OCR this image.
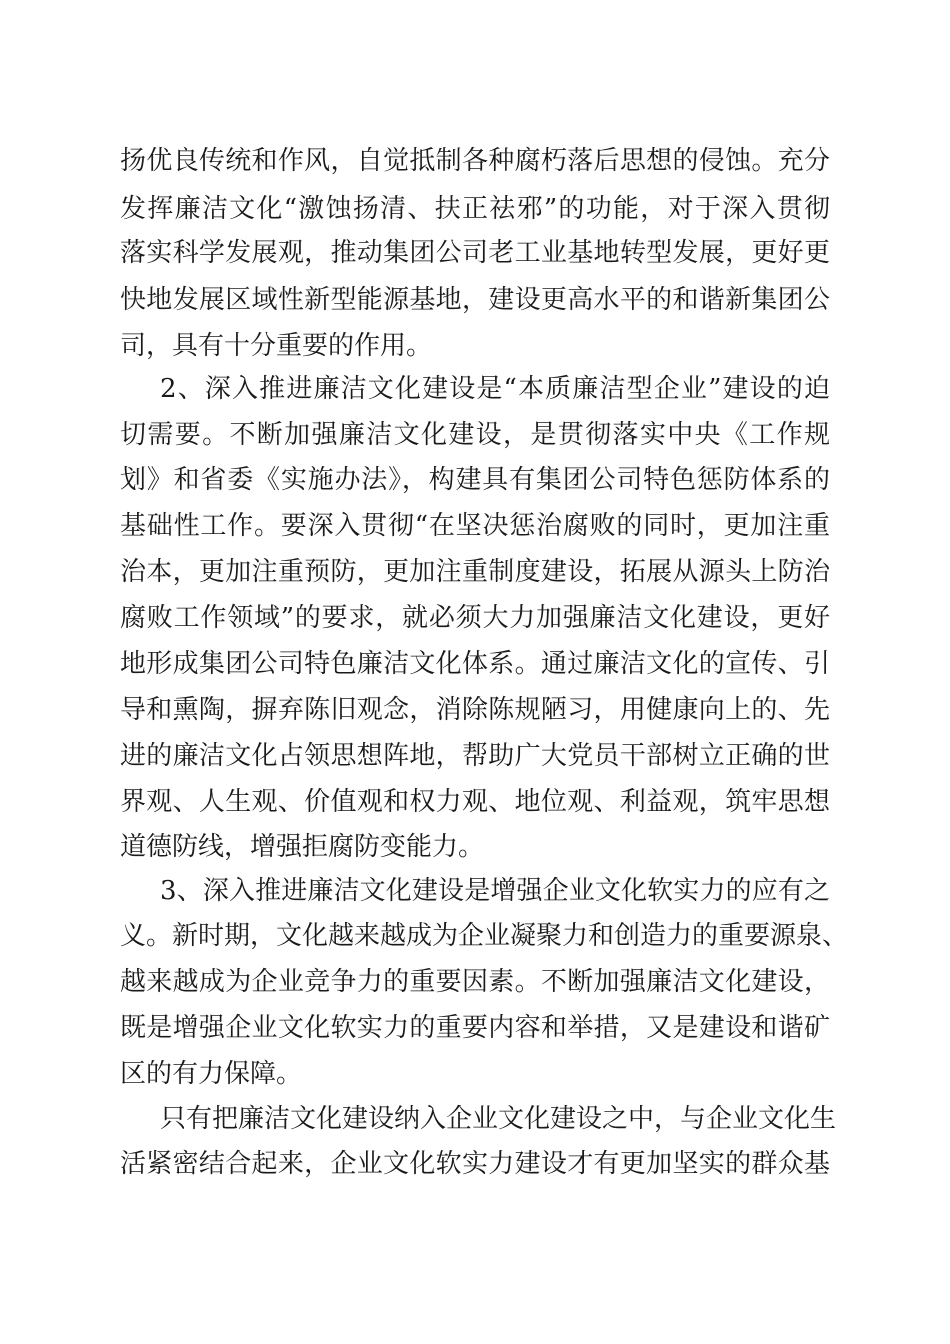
扬优良传统和作风，自觉抵制各种腐朽落后思想的侵蚀。充分

发挥廉洁文化“激蚀扬清、扶正祛邪”的功能，对于深入贯彻

落实科学发展观，推动集团公司老工业基地转型发展，更好更

快地发展区域性新型能源基地，建设更高水平的和谐新集团公

司，具有十分重要的作用。

2、深入推进廉洁文化建设是“本质廉洁型企业”建设的迫

切需要。不断加强廉洁文化建设，是贯彻落实中央《工作规

划》和省委《实施办法》，构建具有集团公司特色惩防体系的

基础性工作。要深入贯彻“在坚决惩治腐败的同时，更加注重

治本，更加注重预防，更加注重制度建设，拓展从源头上防治

腐败工作领域”的要求，就必须大力加强廉洁文化建设，更好

地形成集团公司特色廉洁文化体系。通过廉洁文化的宣传、引

导和熏陶，摒弃陈旧观念，消除陈规陋习，用健康向上的、先

进的廉洁文化占领思想阵地，帮助广大党员干部树立正确的世

界观、人生观、价值观和权力观、地位观、利益观，筑牢思想

道德防线，增强拒腐防变能力。

3、深入推进廉洁文化建设是增强企业文化软实力的应有之

义。新时期，文化越来越成为企业凝聚力和创造力的重要源泉、

越来越成为企业竞争力的重要因素。不断加强廉洁文化建设，

既是增强企业文化软实力的重要内容和举措，又是建设和谐矿

区的有力保障。

只有把廉洁文化建设纳入企业文化建设之中，与企业文化生

活紧密结合起来，企业文化软实力建设才有更加坚实的群众基
